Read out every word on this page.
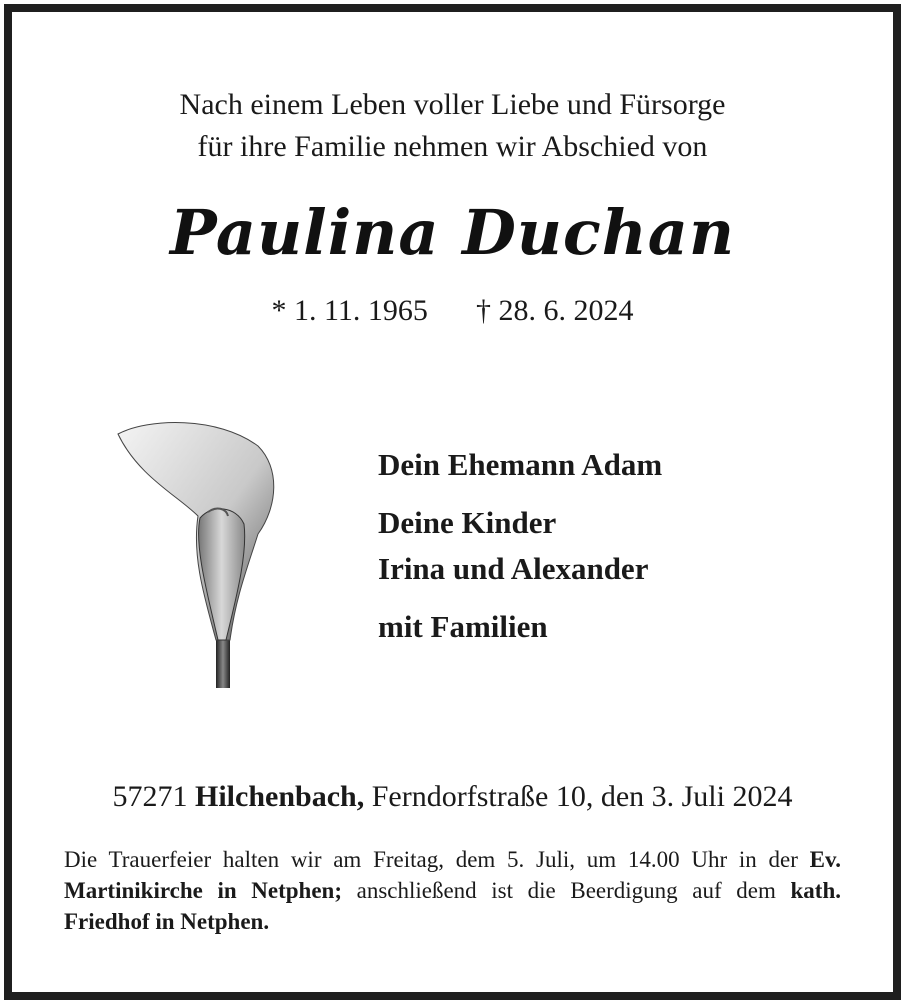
Nach einem Leben voller Liebe und Fürsorge
für ihre Familie nehmen wir Abschied von
Paulina Duchan
* 1. 11. 1965 † 28. 6. 2024
Dein Ehemann Adam
Deine Kinder
Irina und Alexander
mit Familien
57271 Hilchenbach, Ferndorfstraße 10, den 3. Juli 2024
Die Trauerfeier halten wir am Freitag, dem 5. Juli, um 14.00 Uhr in der Ev. Martinikirche in Netphen; anschließend ist die Beerdigung auf dem kath. Friedhof in Netphen.
